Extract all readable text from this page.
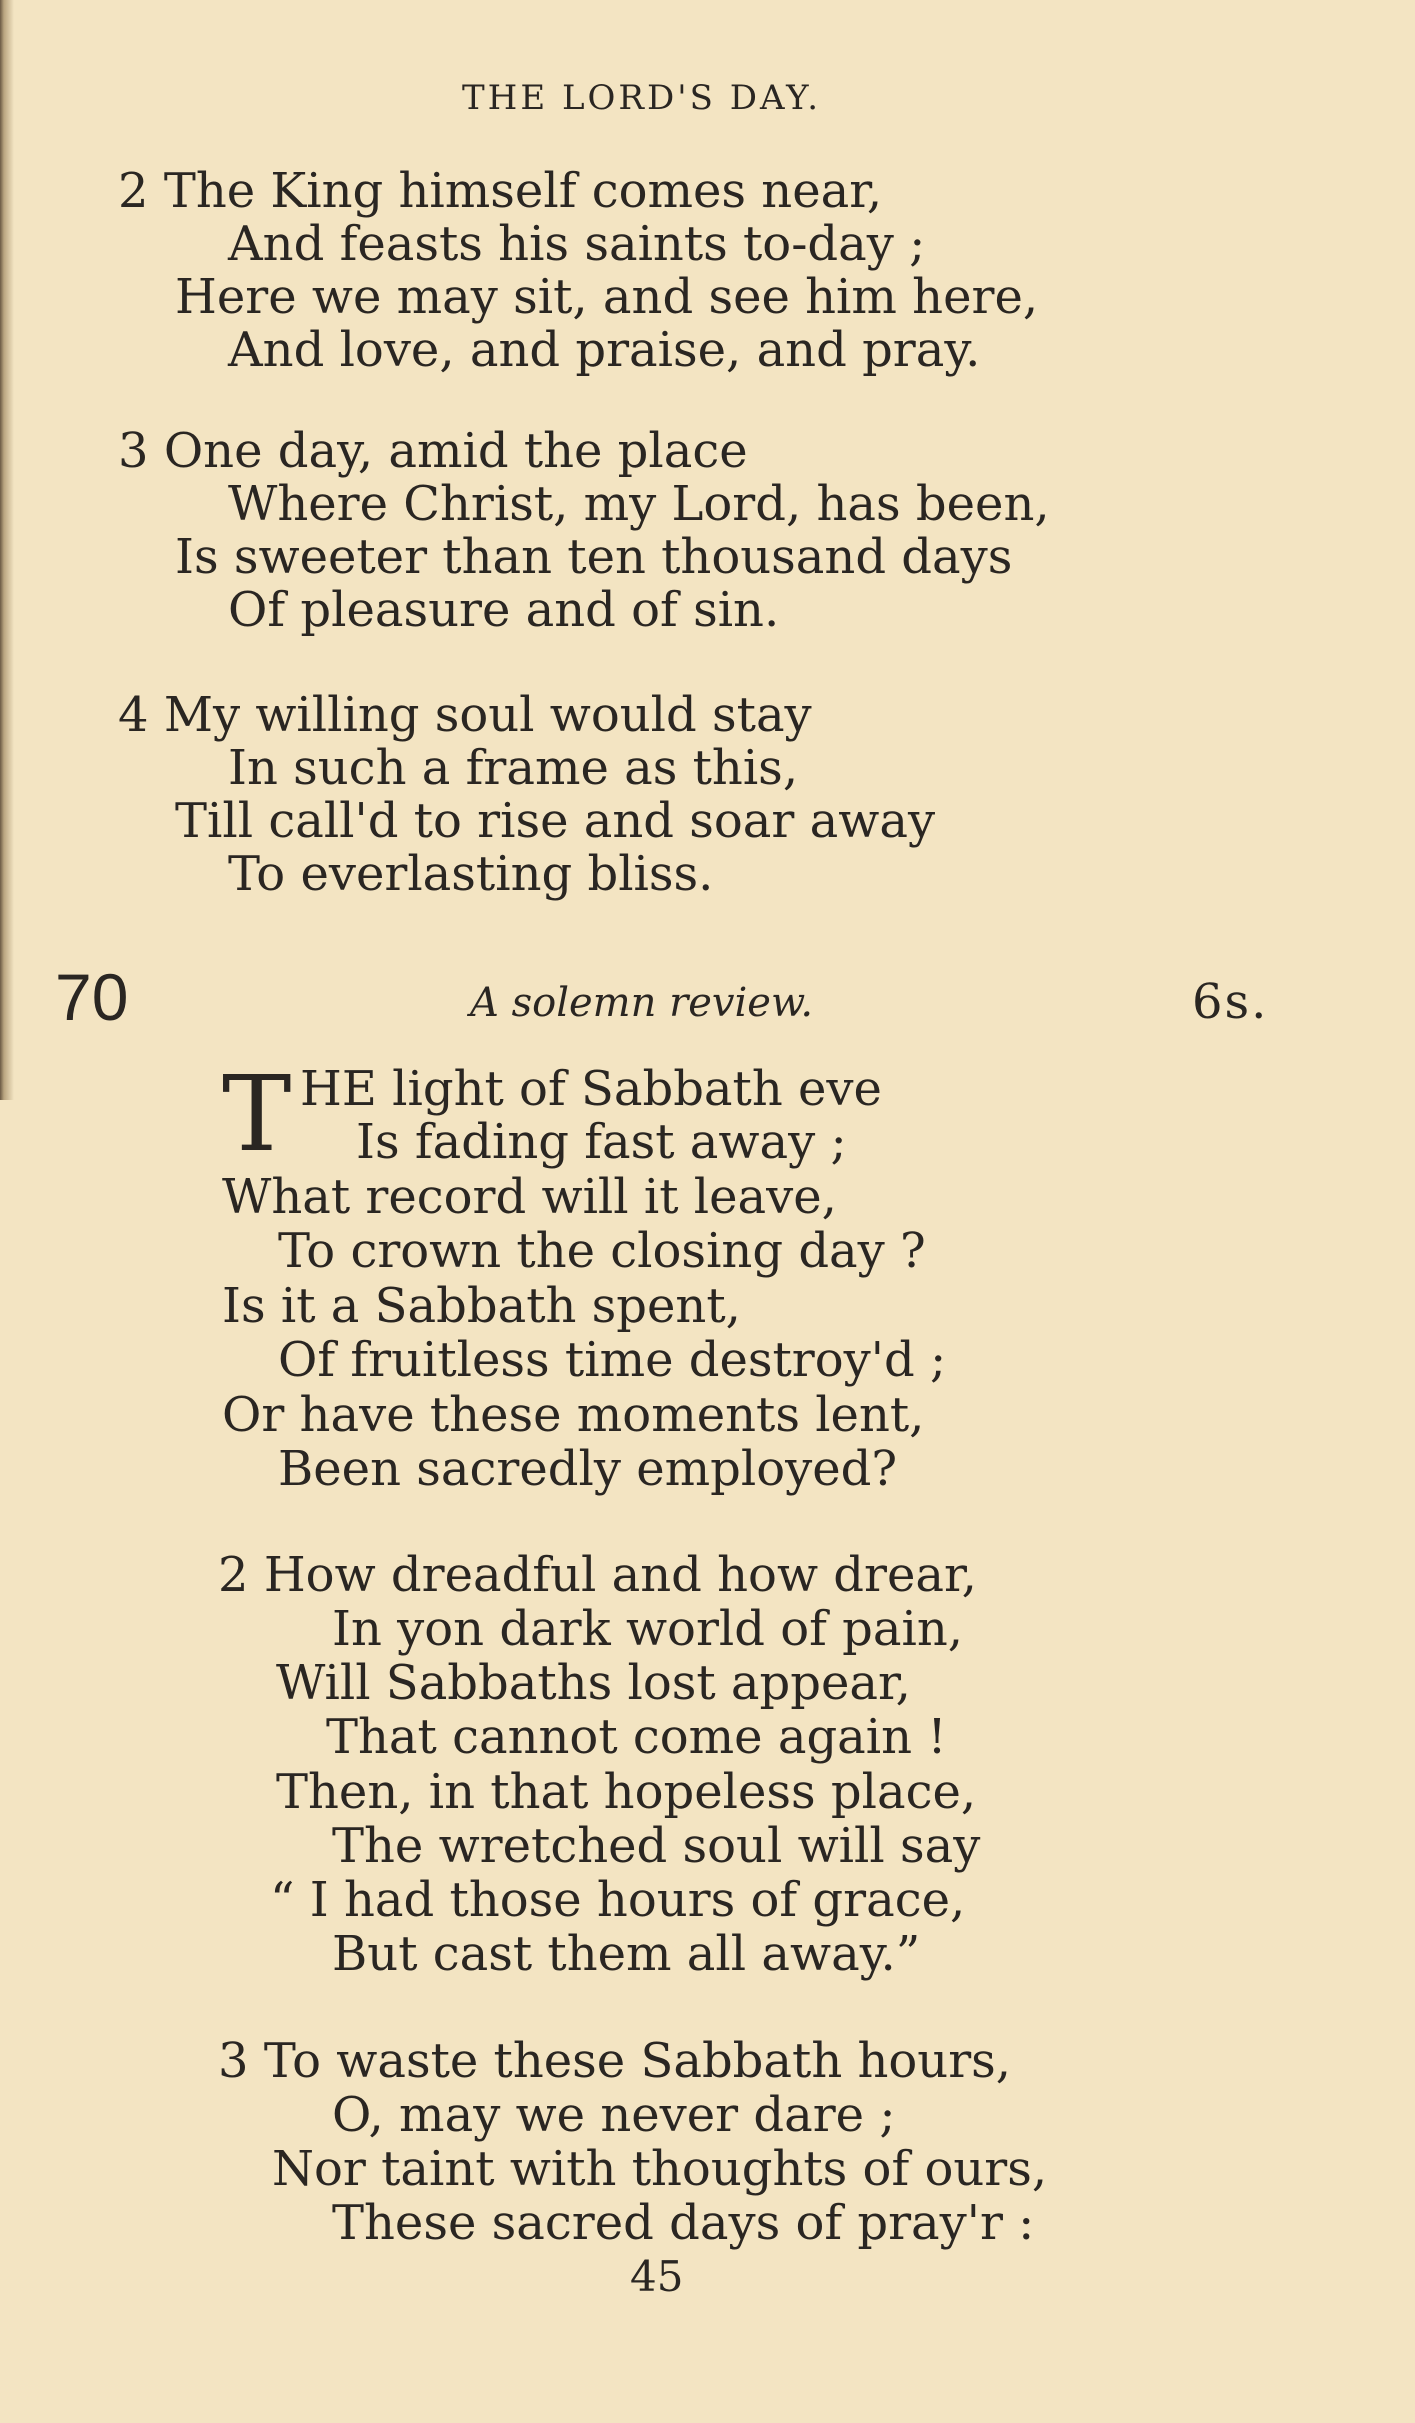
THE LORD'S DAY.
2 The King himself comes near,
And feasts his saints to-day ;
Here we may sit, and see him here,
And love, and praise, and pray.
3 One day, amid the place
Where Christ, my Lord, has been,
Is sweeter than ten thousand days
Of pleasure and of sin.
4 My willing soul would stay
In such a frame as this,
Till call'd to rise and soar away
To everlasting bliss.
70	A solemn review.	6s.
T HE light of Sabbath eve
Is fading fast away ;
What record will it leave,
To crown the closing day ?
Is it a Sabbath spent,
Of fruitless time destroy'd ;
Or have these moments lent,
Been sacredly employed?
2 How dreadful and how drear,
In yon dark world of pain,
Will Sabbaths lost appear,
That cannot come again !
Then, in that hopeless place,
The wretched soul will say
“ I had those hours of grace,
But cast them all away.”
3 To waste these Sabbath hours,
O, may we never dare ;
Nor taint with thoughts of ours,
These sacred days of pray'r :
45
